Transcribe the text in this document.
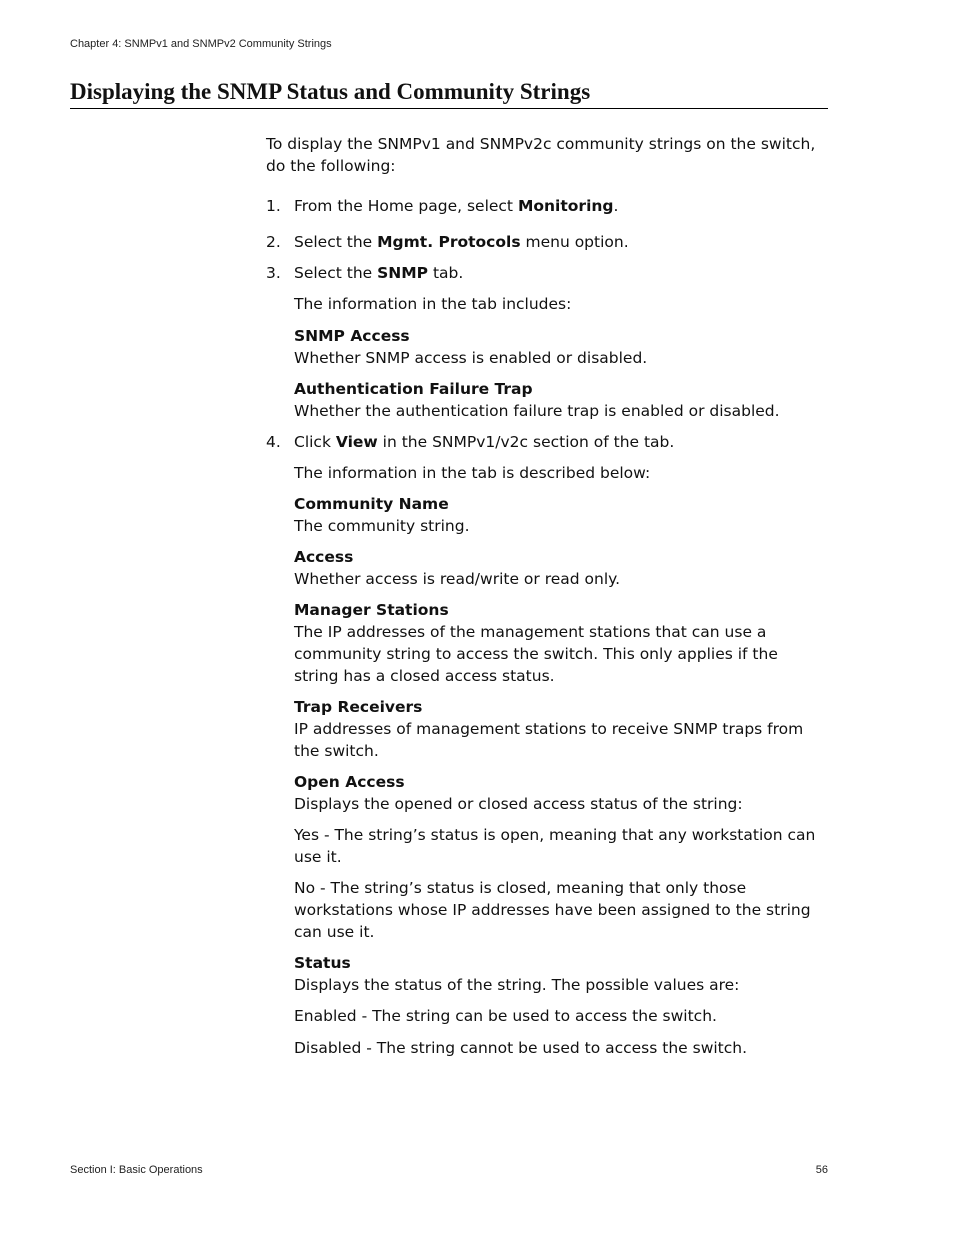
Chapter 4: SNMPv1 and SNMPv2 Community Strings
Displaying the SNMP Status and Community Strings

To display the SNMPv1 and SNMPv2c community strings on the switch, do the following:

1. From the Home page, select Monitoring.
2. Select the Mgmt. Protocols menu option.
3. Select the SNMP tab.

The information in the tab includes:

SNMP Access

Whether SNMP access is enabled or disabled.

Authentication Failure Trap

Whether the authentication failure trap is enabled or disabled.

4. Click View in the SNMPv1/v2c section of the tab.

The information in the tab is described below:

Community Name

The community string.

Access

Whether access is read/write or read only.

Manager Stations

The IP addresses of the management stations that can use a community string to access the switch. This only applies if the string has a closed access status.

Trap Receivers

IP addresses of management stations to receive SNMP traps from the switch.

Open Access

Displays the opened or closed access status of the string:

Yes - The string’s status is open, meaning that any workstation can use it.

No - The string’s status is closed, meaning that only those workstations whose IP addresses have been assigned to the string can use it.

Status

Displays the status of the string. The possible values are:

Enabled - The string can be used to access the switch.

Disabled - The string cannot be used to access the switch.

Section I: Basic Operations	56
